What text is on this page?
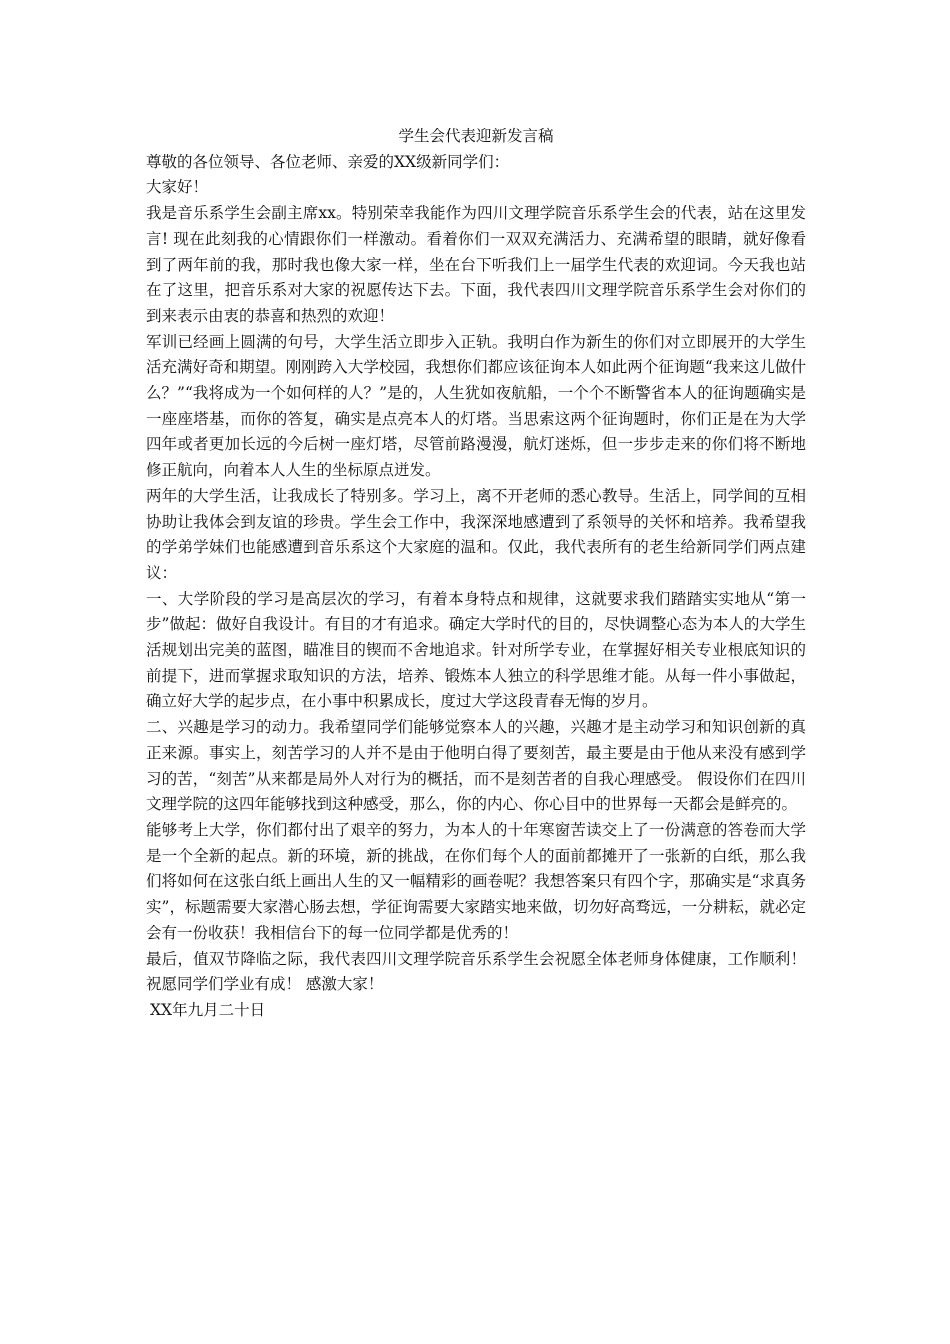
学生会代表迎新发言稿

尊敬的各位领导、各位老师、亲爱的XX级新同学们：

大家好！

我是音乐系学生会副主席xx。特别荣幸我能作为四川文理学院音乐系学生会的代表，站在这里发言! 现在此刻我的心情跟你们一样激动。看着你们一双双充满活力、充满希望的眼睛，就好像看到了两年前的我，那时我也像大家一样，坐在台下听我们上一届学生代表的欢迎词。今天我也站在了这里，把音乐系对大家的祝愿传达下去。下面，我代表四川文理学院音乐系学生会对你们的到来表示由衷的恭喜和热烈的欢迎！

军训已经画上圆满的句号，大学生活立即步入正轨。我明白作为新生的你们对立即展开的大学生活充满好奇和期望。刚刚跨入大学校园，我想你们都应该征询本人如此两个征询题“我来这儿做什么？”“我将成为一个如何样的人？”是的，人生犹如夜航船，一个个不断警省本人的征询题确实是一座座塔基，而你的答复，确实是点亮本人的灯塔。当思索这两个征询题时，你们正是在为大学四年或者更加长远的今后树一座灯塔，尽管前路漫漫，航灯迷烁，但一步步走来的你们将不断地修正航向，向着本人人生的坐标原点迸发。

两年的大学生活，让我成长了特别多。学习上，离不开老师的悉心教导。生活上，同学间的互相协助让我体会到友谊的珍贵。学生会工作中，我深深地感遭到了系领导的关怀和培养。我希望我的学弟学妹们也能感遭到音乐系这个大家庭的温和。仅此，我代表所有的老生给新同学们两点建议：

一、大学阶段的学习是高层次的学习，有着本身特点和规律，这就要求我们踏踏实实地从“第一步”做起：做好自我设计。有目的才有追求。确定大学时代的目的，尽快调整心态为本人的大学生活规划出完美的蓝图，瞄准目的锲而不舍地追求。针对所学专业，在掌握好相关专业根底知识的前提下，进而掌握求取知识的方法，培养、锻炼本人独立的科学思维才能。从每一件小事做起，确立好大学的起步点，在小事中积累成长，度过大学这段青春无悔的岁月。

二、兴趣是学习的动力。我希望同学们能够觉察本人的兴趣，兴趣才是主动学习和知识创新的真正来源。事实上，刻苦学习的人并不是由于他明白得了要刻苦，最主要是由于他从来没有感到学习的苦，“刻苦”从来都是局外人对行为的概括，而不是刻苦者的自我心理感受。 假设你们在四川文理学院的这四年能够找到这种感受，那么，你的内心、你心目中的世界每一天都会是鲜亮的。

能够考上大学，你们都付出了艰辛的努力，为本人的十年寒窗苦读交上了一份满意的答卷而大学是一个全新的起点。新的环境，新的挑战，在你们每个人的面前都摊开了一张新的白纸，那么我们将如何在这张白纸上画出人生的又一幅精彩的画卷呢？我想答案只有四个字，那确实是“求真务实”，标题需要大家潜心肠去想，学征询需要大家踏实地来做，切勿好高骛远，一分耕耘，就必定会有一份收获！我相信台下的每一位同学都是优秀的！

最后，值双节降临之际，我代表四川文理学院音乐系学生会祝愿全体老师身体健康，工作顺利！祝愿同学们学业有成！ 感激大家！

XX年九月二十日
